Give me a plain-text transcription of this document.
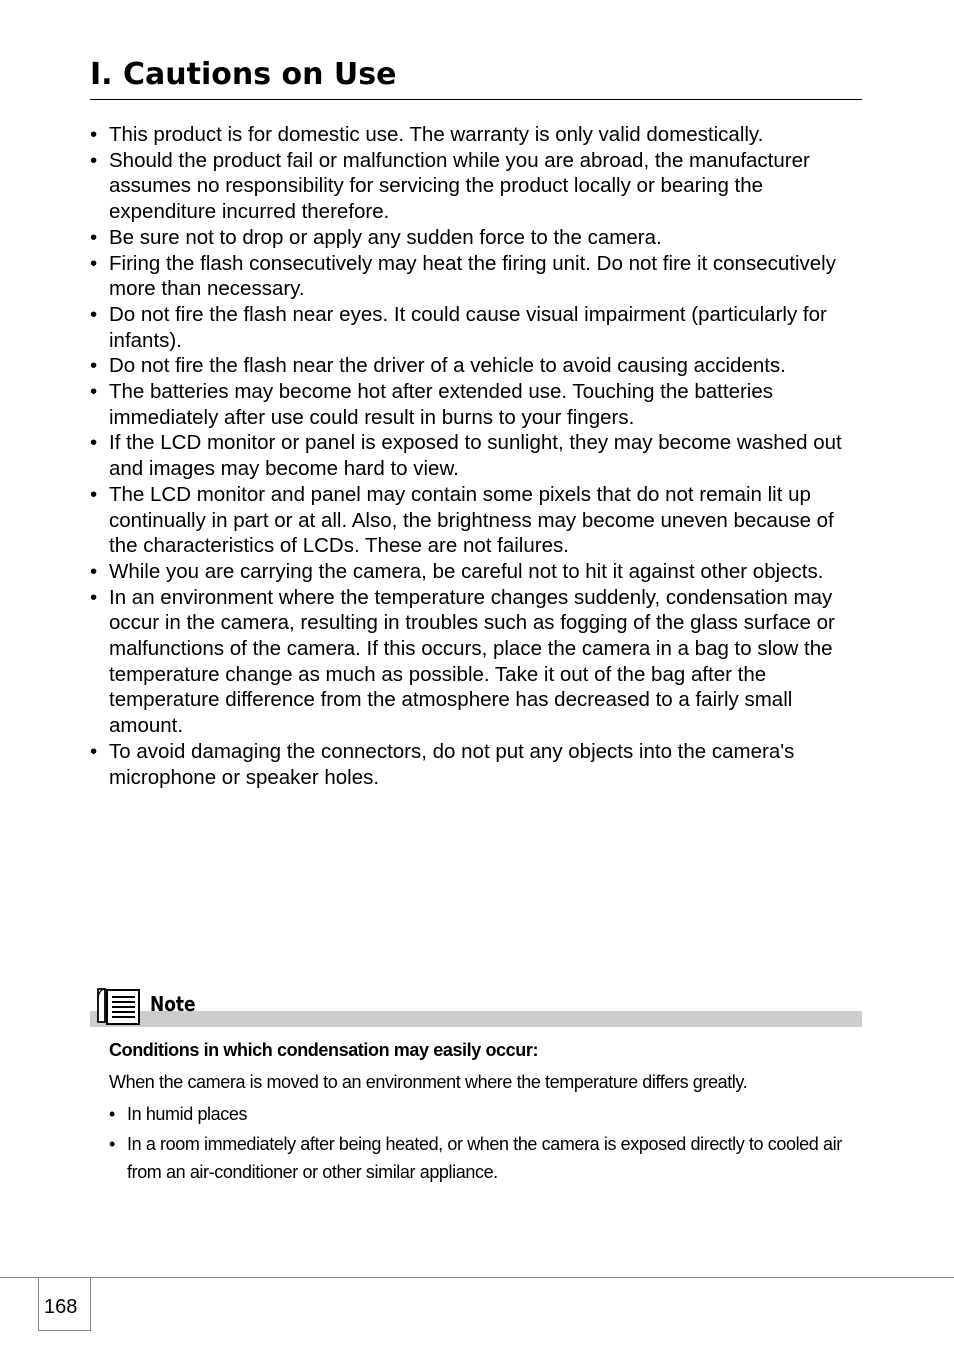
I. Cautions on Use
• This product is for domestic use. The warranty is only valid domestically.
• Should the product fail or malfunction while you are abroad, the manufacturer assumes no responsibility for servicing the product locally or bearing the expenditure incurred therefore.
• Be sure not to drop or apply any sudden force to the camera.
• Firing the flash consecutively may heat the firing unit. Do not fire it consecutively more than necessary.
• Do not fire the flash near eyes. It could cause visual impairment (particularly for infants).
• Do not fire the flash near the driver of a vehicle to avoid causing accidents.
• The batteries may become hot after extended use. Touching the batteries immediately after use could result in burns to your fingers.
• If the LCD monitor or panel is exposed to sunlight, they may become washed out and images may become hard to view.
• The LCD monitor and panel may contain some pixels that do not remain lit up continually in part or at all. Also, the brightness may become uneven because of the characteristics of LCDs. These are not failures.
• While you are carrying the camera, be careful not to hit it against other objects.
• In an environment where the temperature changes suddenly, condensation may occur in the camera, resulting in troubles such as fogging of the glass surface or malfunctions of the camera. If this occurs, place the camera in a bag to slow the temperature change as much as possible. Take it out of the bag after the temperature difference from the atmosphere has decreased to a fairly small amount.
• To avoid damaging the connectors, do not put any objects into the camera's microphone or speaker holes.
Note

Conditions in which condensation may easily occur:

When the camera is moved to an environment where the temperature differs greatly.

• In humid places
• In a room immediately after being heated, or when the camera is exposed directly to cooled air from an air-conditioner or other similar appliance.
168
